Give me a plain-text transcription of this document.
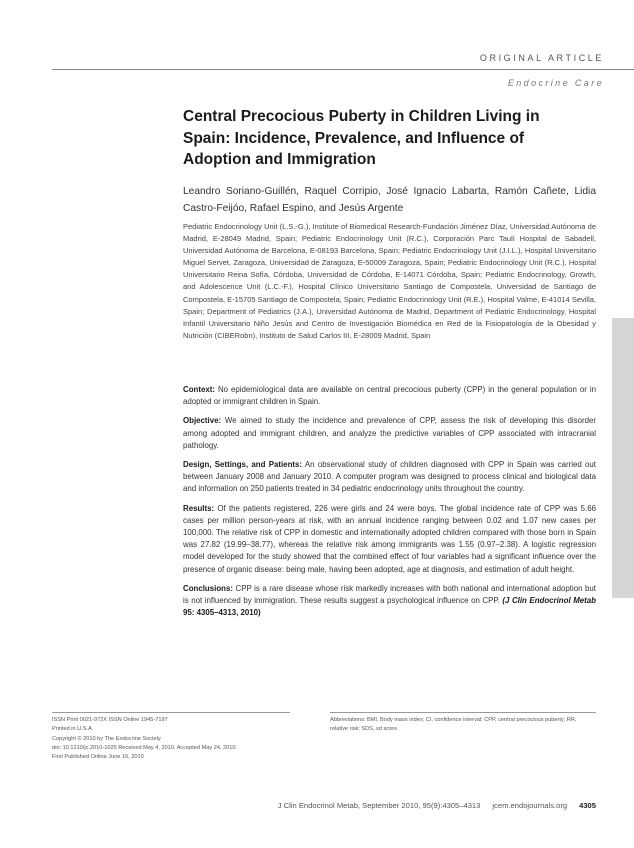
ORIGINAL ARTICLE
Endocrine Care
Central Precocious Puberty in Children Living in Spain: Incidence, Prevalence, and Influence of Adoption and Immigration
Leandro Soriano-Guillén, Raquel Corripio, José Ignacio Labarta, Ramón Cañete, Lidia Castro-Feijóo, Rafael Espino, and Jesús Argente
Pediatric Endocrinology Unit (L.S.-G.), Institute of Biomedical Research-Fundación Jiménez Díaz, Universidad Autónoma de Madrid, E-28049 Madrid, Spain; Pediatric Endocrinology Unit (R.C.), Corporación Parc Taulí Hospital de Sabadell, Universidad Autónoma de Barcelona, E-08193 Barcelona, Spain; Pediatric Endocrinology Unit (J.I.L.), Hospital Universitario Miguel Servet, Zaragoza, Universidad de Zaragoza, E-50009 Zaragoza, Spain; Pediatric Endocrinology Unit (R.C.), Hospital Universitario Reina Sofía, Córdoba, Universidad de Córdoba, E-14071 Córdoba, Spain; Pediatric Endocrinology, Growth, and Adolescence Unit (L.C.-F.), Hospital Clínico Universitario Santiago de Compostela, Universidad de Santiago de Compostela, E-15705 Santiago de Compostela, Spain; Pediatric Endocrinology Unit (R.E.), Hospital Valme, E-41014 Sevilla, Spain; Department of Pediatrics (J.A.), Universidad Autónoma de Madrid, Department of Pediatric Endocrinology, Hospital Infantil Universitario Niño Jesús and Centro de Investigación Biomédica en Red de la Fisiopatología de la Obesidad y Nutrición (CIBERobn), Instituto de Salud Carlos III, E-28009 Madrid, Spain

Context: No epidemiological data are available on central precocious puberty (CPP) in the general population or in adopted or immigrant children in Spain.

Objective: We aimed to study the incidence and prevalence of CPP, assess the risk of developing this disorder among adopted and immigrant children, and analyze the predictive variables of CPP associated with intracranial pathology.

Design, Settings, and Patients: An observational study of children diagnosed with CPP in Spain was carried out between January 2008 and January 2010. A computer program was designed to process clinical and biological data and information on 250 patients treated in 34 pediatric endocrinology units throughout the country.

Results: Of the patients registered, 226 were girls and 24 were boys. The global incidence rate of CPP was 5.66 cases per million person-years at risk, with an annual incidence ranging between 0.02 and 1.07 new cases per 100,000. The relative risk of CPP in domestic and internationally adopted children compared with those born in Spain was 27.82 (19.99–38.77), whereas the relative risk among immigrants was 1.55 (0.97–2.38). A logistic regression model developed for the study showed that the combined effect of four variables had a significant influence over the presence of organic disease: being male, having been adopted, age at diagnosis, and estimation of adult height.

Conclusions: CPP is a rare disease whose risk markedly increases with both national and international adoption but is not influenced by immigration. These results suggest a psychological influence on CPP. (J Clin Endocrinol Metab 95: 4305–4313, 2010)

ISSN Print 0021-972X ISSN Online 1945-7197
Printed in U.S.A.
Copyright © 2010 by The Endocrine Society
doi: 10.1210/jc.2010-1025 Received May 4, 2010. Accepted May 24, 2010.
First Published Online June 16, 2010
Abbreviations: BMI, Body mass index; CI, confidence interval; CPP, central precocious puberty; RR, relative risk; SDS, sd score.
J Clin Endocrinol Metab, September 2010, 95(9):4305–4313 jcem.endojournals.org 4305
